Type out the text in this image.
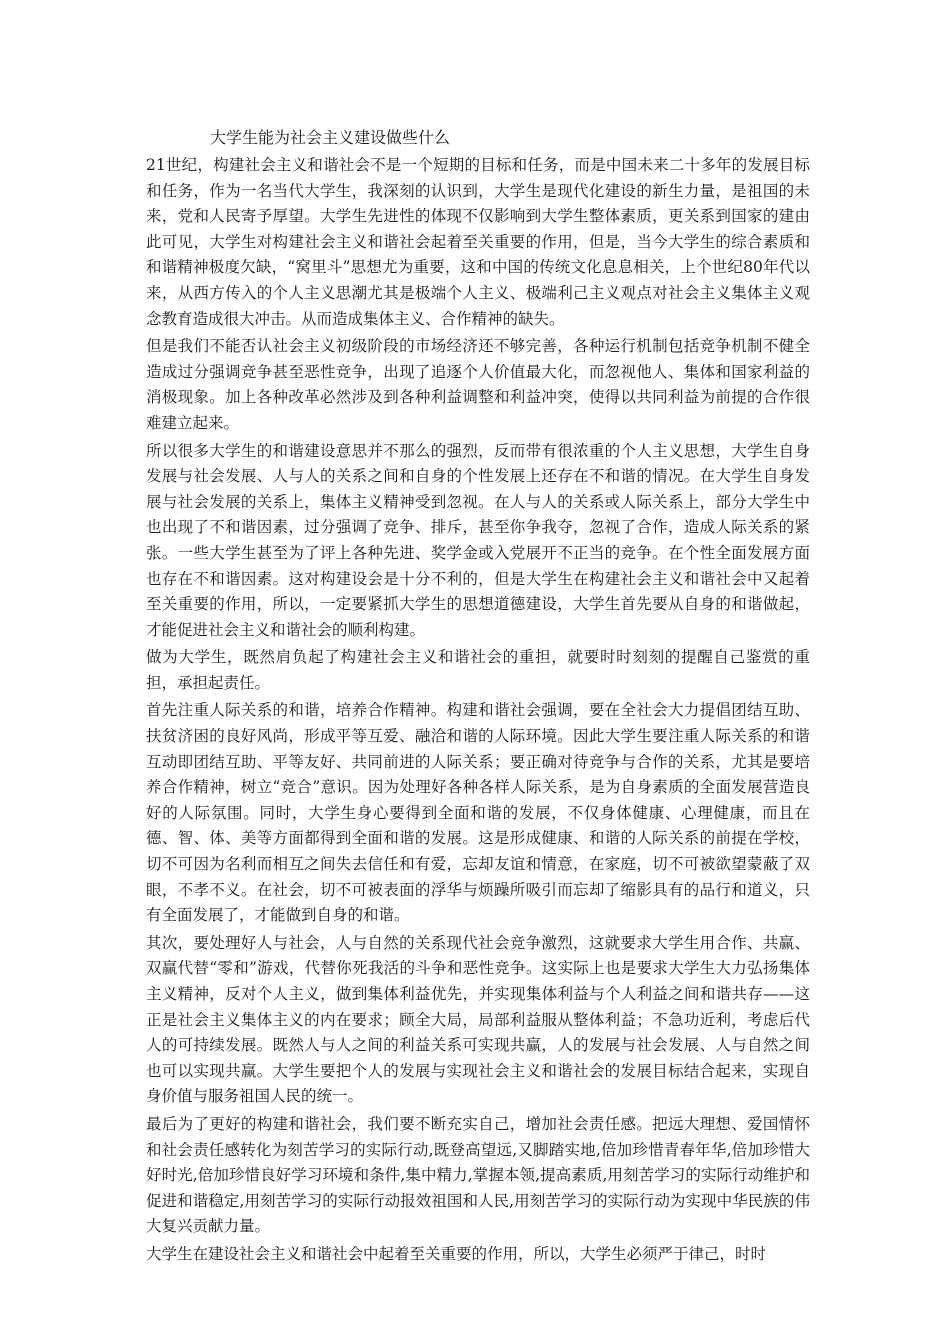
大学生能为社会主义建设做些什么

21世纪，构建社会主义和谐社会不是一个短期的目标和任务，而是中国未来二十多年的发展目标和任务，作为一名当代大学生，我深刻的认识到，大学生是现代化建设的新生力量，是祖国的未来，党和人民寄予厚望。大学生先进性的体现不仅影响到大学生整体素质，更关系到国家的建由此可见，大学生对构建社会主义和谐社会起着至关重要的作用，但是，当今大学生的综合素质和和谐精神极度欠缺，“窝里斗”思想尤为重要，这和中国的传统文化息息相关，上个世纪80年代以来，从西方传入的个人主义思潮尤其是极端个人主义、极端利己主义观点对社会主义集体主义观念教育造成很大冲击。从而造成集体主义、合作精神的缺失。

但是我们不能否认社会主义初级阶段的市场经济还不够完善，各种运行机制包括竞争机制不健全造成过分强调竞争甚至恶性竞争，出现了追逐个人价值最大化，而忽视他人、集体和国家利益的消极现象。加上各种改革必然涉及到各种利益调整和利益冲突，使得以共同利益为前提的合作很难建立起来。

所以很多大学生的和谐建设意思并不那么的强烈，反而带有很浓重的个人主义思想，大学生自身发展与社会发展、人与人的关系之间和自身的个性发展上还存在不和谐的情况。在大学生自身发展与社会发展的关系上，集体主义精神受到忽视。在人与人的关系或人际关系上，部分大学生中也出现了不和谐因素，过分强调了竞争、排斥，甚至你争我夺，忽视了合作，造成人际关系的紧张。一些大学生甚至为了评上各种先进、奖学金或入党展开不正当的竞争。在个性全面发展方面也存在不和谐因素。这对构建设会是十分不利的，但是大学生在构建社会主义和谐社会中又起着至关重要的作用，所以，一定要紧抓大学生的思想道德建设，大学生首先要从自身的和谐做起，才能促进社会主义和谐社会的顺利构建。

做为大学生，既然肩负起了构建社会主义和谐社会的重担，就要时时刻刻的提醒自己鉴赏的重担，承担起责任。

首先注重人际关系的和谐，培养合作精神。构建和谐社会强调，要在全社会大力提倡团结互助、扶贫济困的良好风尚，形成平等互爱、融洽和谐的人际环境。因此大学生要注重人际关系的和谐互动即团结互助、平等友好、共同前进的人际关系；要正确对待竞争与合作的关系，尤其是要培养合作精神，树立“竞合”意识。因为处理好各种各样人际关系，是为自身素质的全面发展营造良好的人际氛围。同时，大学生身心要得到全面和谐的发展，不仅身体健康、心理健康，而且在德、智、体、美等方面都得到全面和谐的发展。这是形成健康、和谐的人际关系的前提在学校，切不可因为名利而相互之间失去信任和有爱，忘却友谊和情意，在家庭，切不可被欲望蒙蔽了双眼，不孝不义。在社会，切不可被表面的浮华与烦躁所吸引而忘却了缩影具有的品行和道义，只有全面发展了，才能做到自身的和谐。

其次，要处理好人与社会，人与自然的关系现代社会竞争激烈，这就要求大学生用合作、共赢、双赢代替“零和”游戏，代替你死我活的斗争和恶性竞争。这实际上也是要求大学生大力弘扬集体主义精神，反对个人主义，做到集体利益优先，并实现集体利益与个人利益之间和谐共存——这正是社会主义集体主义的内在要求；顾全大局，局部利益服从整体利益；不急功近利，考虑后代人的可持续发展。既然人与人之间的利益关系可实现共赢，人的发展与社会发展、人与自然之间也可以实现共赢。大学生要把个人的发展与实现社会主义和谐社会的发展目标结合起来，实现自身价值与服务祖国人民的统一。

最后为了更好的构建和谐社会，我们要不断充实自己，增加社会责任感。把远大理想、爱国情怀和社会责任感转化为刻苦学习的实际行动,既登高望远,又脚踏实地,倍加珍惜青春年华,倍加珍惜大好时光,倍加珍惜良好学习环境和条件,集中精力,掌握本领,提高素质,用刻苦学习的实际行动维护和促进和谐稳定,用刻苦学习的实际行动报效祖国和人民,用刻苦学习的实际行动为实现中华民族的伟大复兴贡献力量。

大学生在建设社会主义和谐社会中起着至关重要的作用，所以，大学生必须严于律己，时时
